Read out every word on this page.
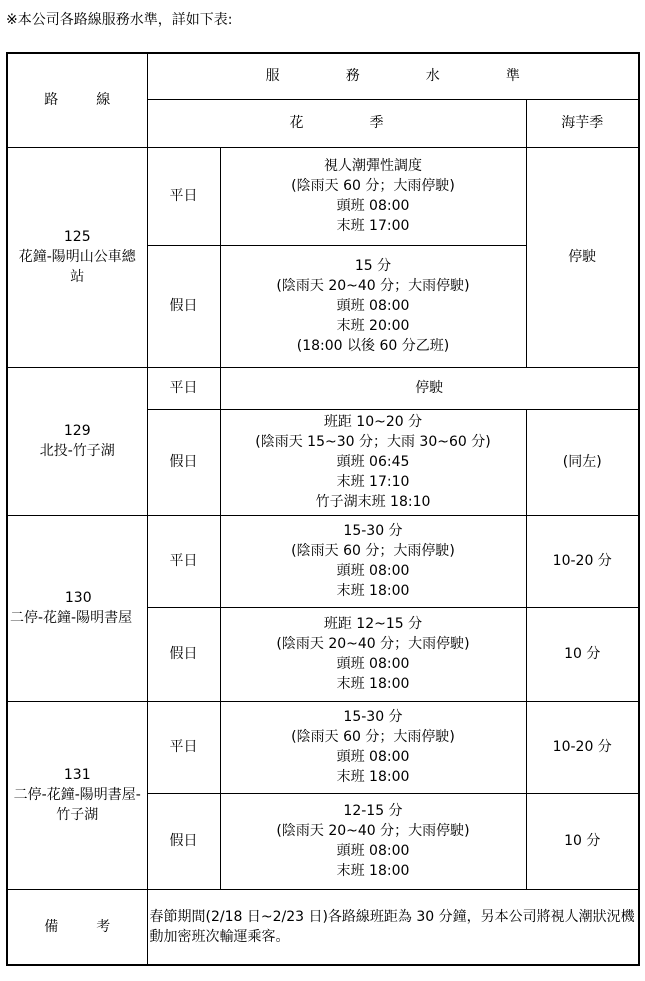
※本公司各路線服務水準，詳如下表:
路 線	服 務 水 準		
	花 季		海芋季

125
花鐘-陽明山公車總站	平日	視人潮彈性調度
(陰雨天 60 分；大雨停駛)
頭班 08:00
末班 17:00	停駛
	假日	15 分
(陰雨天 20~40 分；大雨停駛)
頭班 08:00
末班 20:00
(18:00 以後 60 分乙班)	

129
北投-竹子湖	平日	停駛	
	假日	班距 10~20 分
(陰雨天 15~30 分；大雨 30~60 分)
頭班 06:45
末班 17:10
竹子湖末班 18:10	(同左)

130
二停-花鐘-陽明書屋	平日	15-30 分
(陰雨天 60 分；大雨停駛)
頭班 08:00
末班 18:00	10-20 分
	假日	班距 12~15 分
(陰雨天 20~40 分；大雨停駛)
頭班 08:00
末班 18:00	10 分

131
二停-花鐘-陽明書屋-竹子湖	平日	15-30 分
(陰雨天 60 分；大雨停駛)
頭班 08:00
末班 18:00	10-20 分
	假日	12-15 分
(陰雨天 20~40 分；大雨停駛)
頭班 08:00
末班 18:00	10 分
備 考	春節期間(2/18 日~2/23 日)各路線班距為 30 分鐘，另本公司將視人潮狀況機動加密班次輸運乘客。		
